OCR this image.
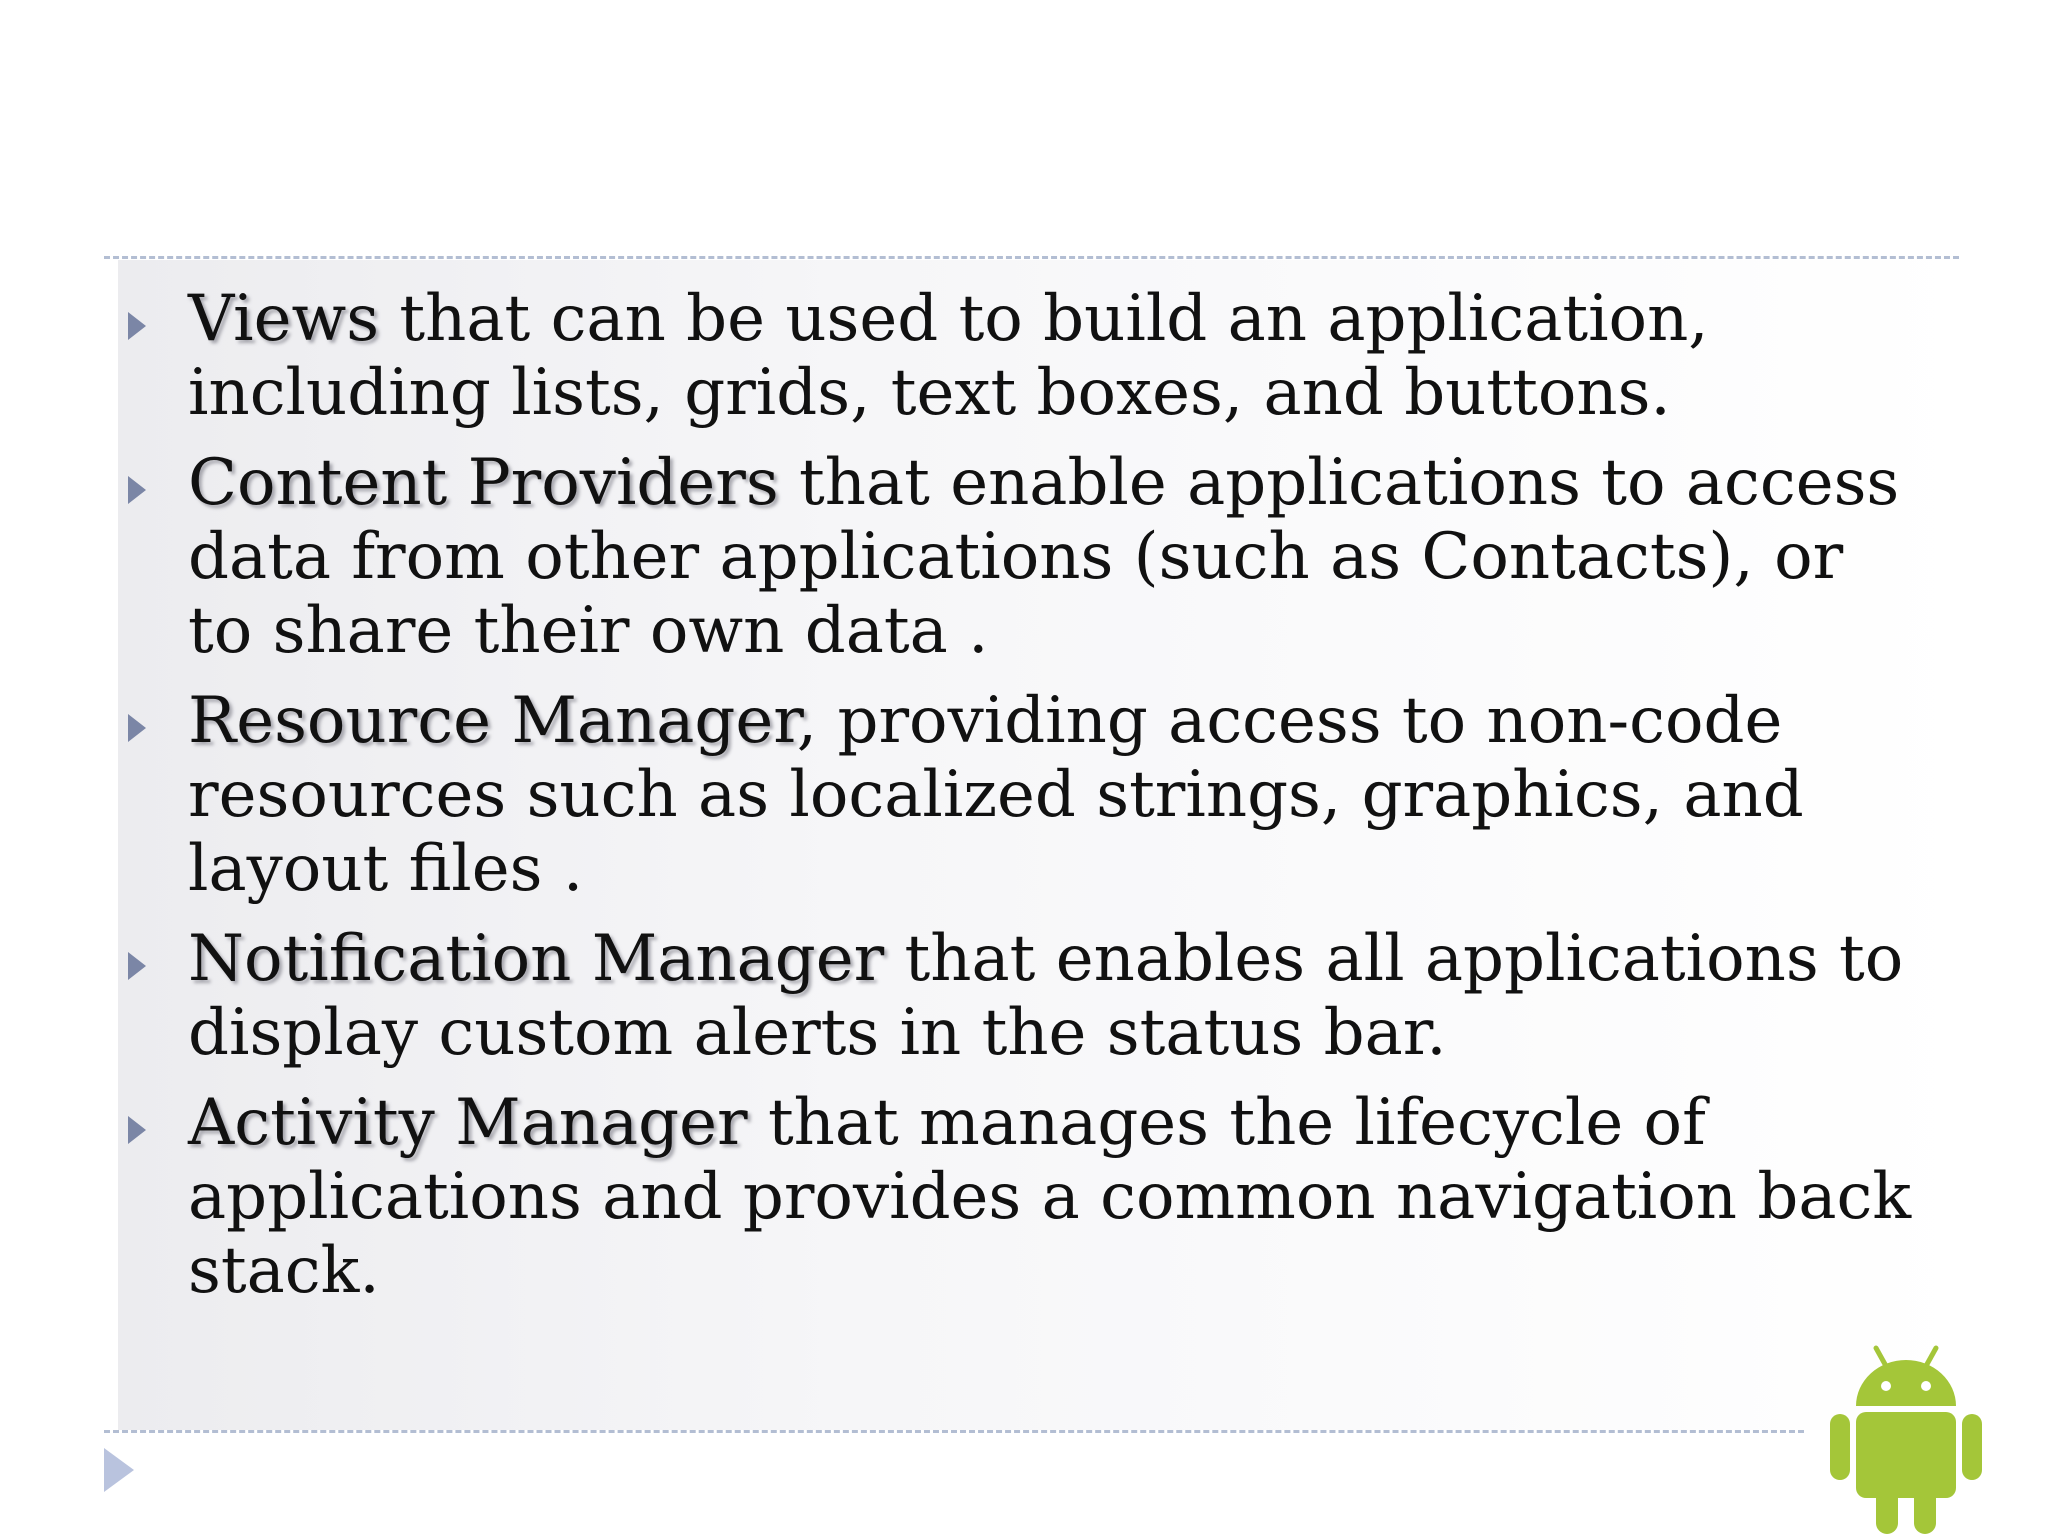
Views that can be used to build an application, including lists, grids, text boxes, and buttons.
Content Providers that enable applications to access data from other applications (such as Contacts), or to share their own data .
Resource Manager, providing access to non-code resources such as localized strings, graphics, and layout files .
Notification Manager that enables all applications to display custom alerts in the status bar.
Activity Manager that manages the lifecycle of applications and provides a common navigation back stack.
